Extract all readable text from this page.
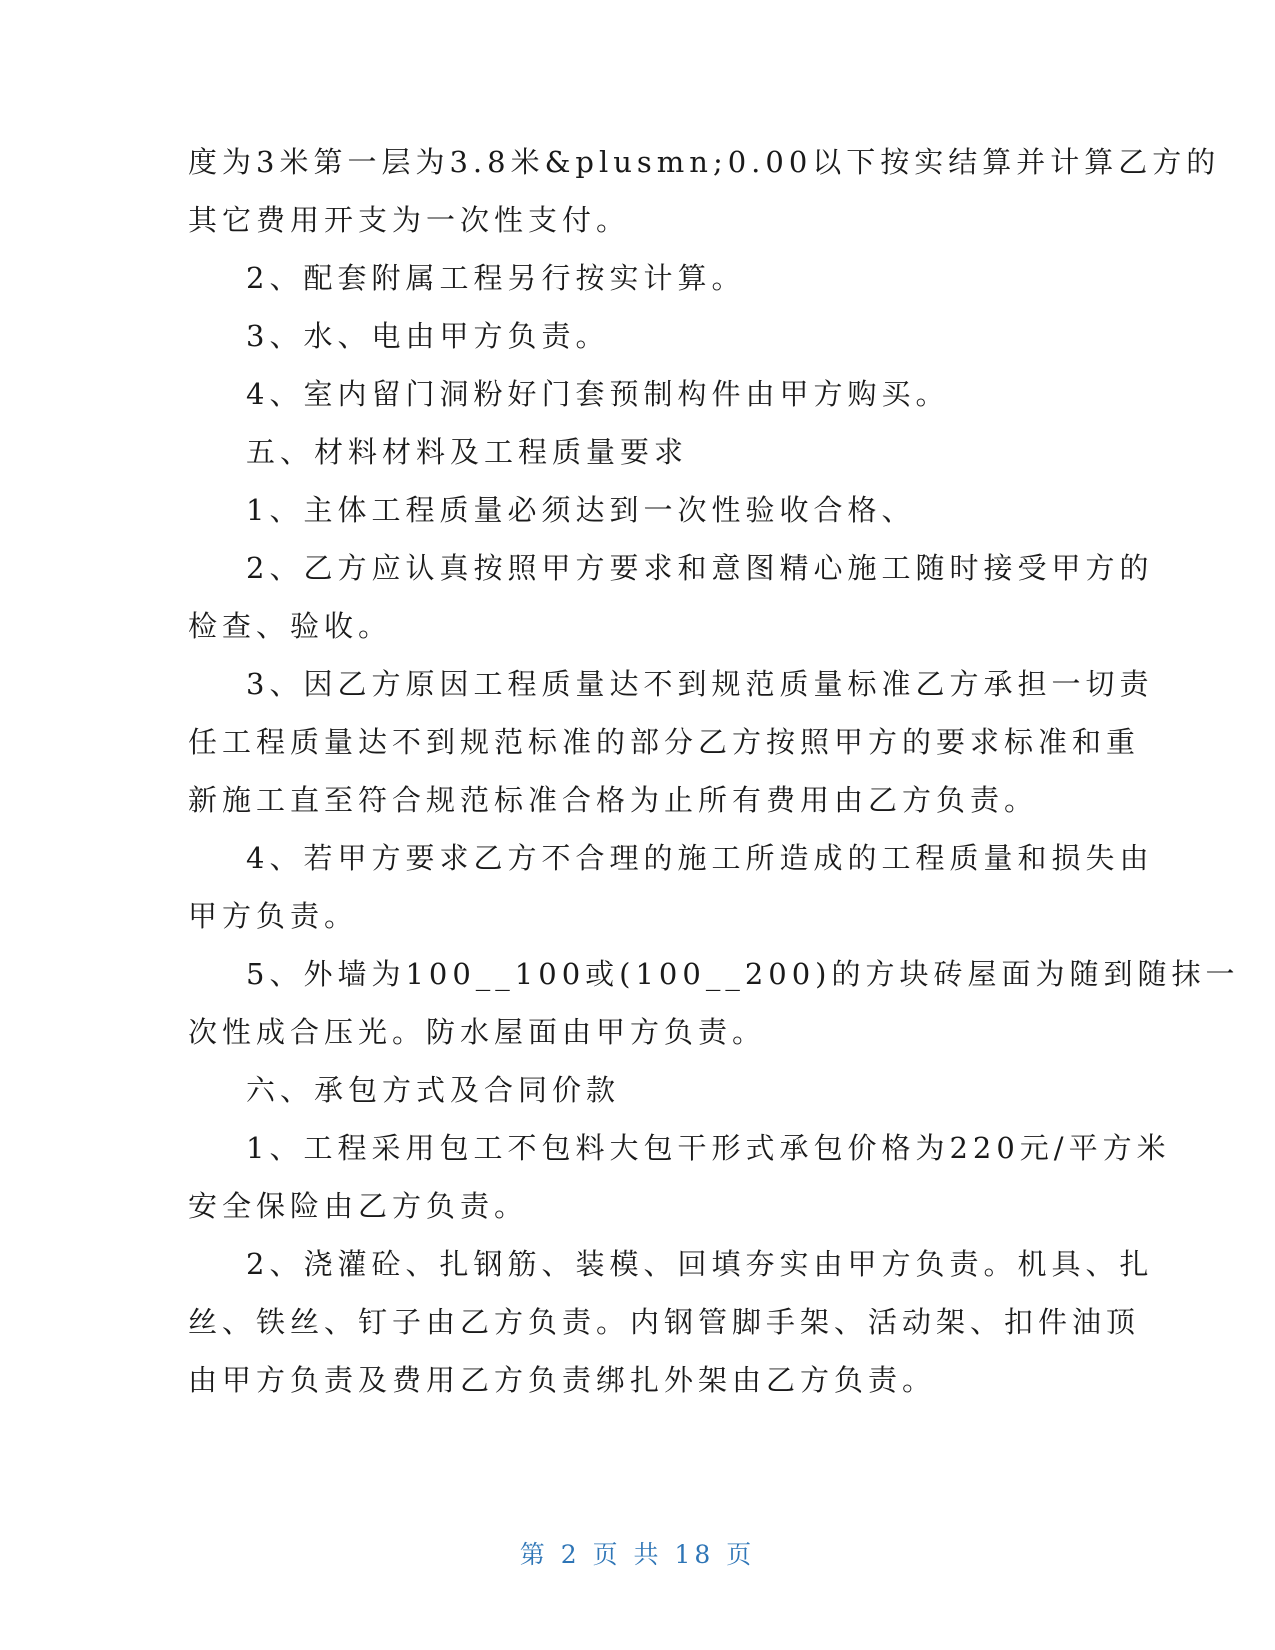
度为3米第一层为3.8米&plusmn;0.00以下按实结算并计算乙方的
其它费用开支为一次性支付。
2、配套附属工程另行按实计算。
3、水、电由甲方负责。
4、室内留门洞粉好门套预制构件由甲方购买。
五、材料材料及工程质量要求
1、主体工程质量必须达到一次性验收合格、
2、乙方应认真按照甲方要求和意图精心施工随时接受甲方的
检查、验收。
3、因乙方原因工程质量达不到规范质量标准乙方承担一切责
任工程质量达不到规范标准的部分乙方按照甲方的要求标准和重
新施工直至符合规范标准合格为止所有费用由乙方负责。
4、若甲方要求乙方不合理的施工所造成的工程质量和损失由
甲方负责。
5、外墙为100__100或(100__200)的方块砖屋面为随到随抹一
次性成合压光。防水屋面由甲方负责。
六、承包方式及合同价款
1、工程采用包工不包料大包干形式承包价格为220元/平方米
安全保险由乙方负责。
2、浇灌砼、扎钢筋、装模、回填夯实由甲方负责。机具、扎
丝、铁丝、钉子由乙方负责。内钢管脚手架、活动架、扣件油顶
由甲方负责及费用乙方负责绑扎外架由乙方负责。
第 2 页 共 18 页
